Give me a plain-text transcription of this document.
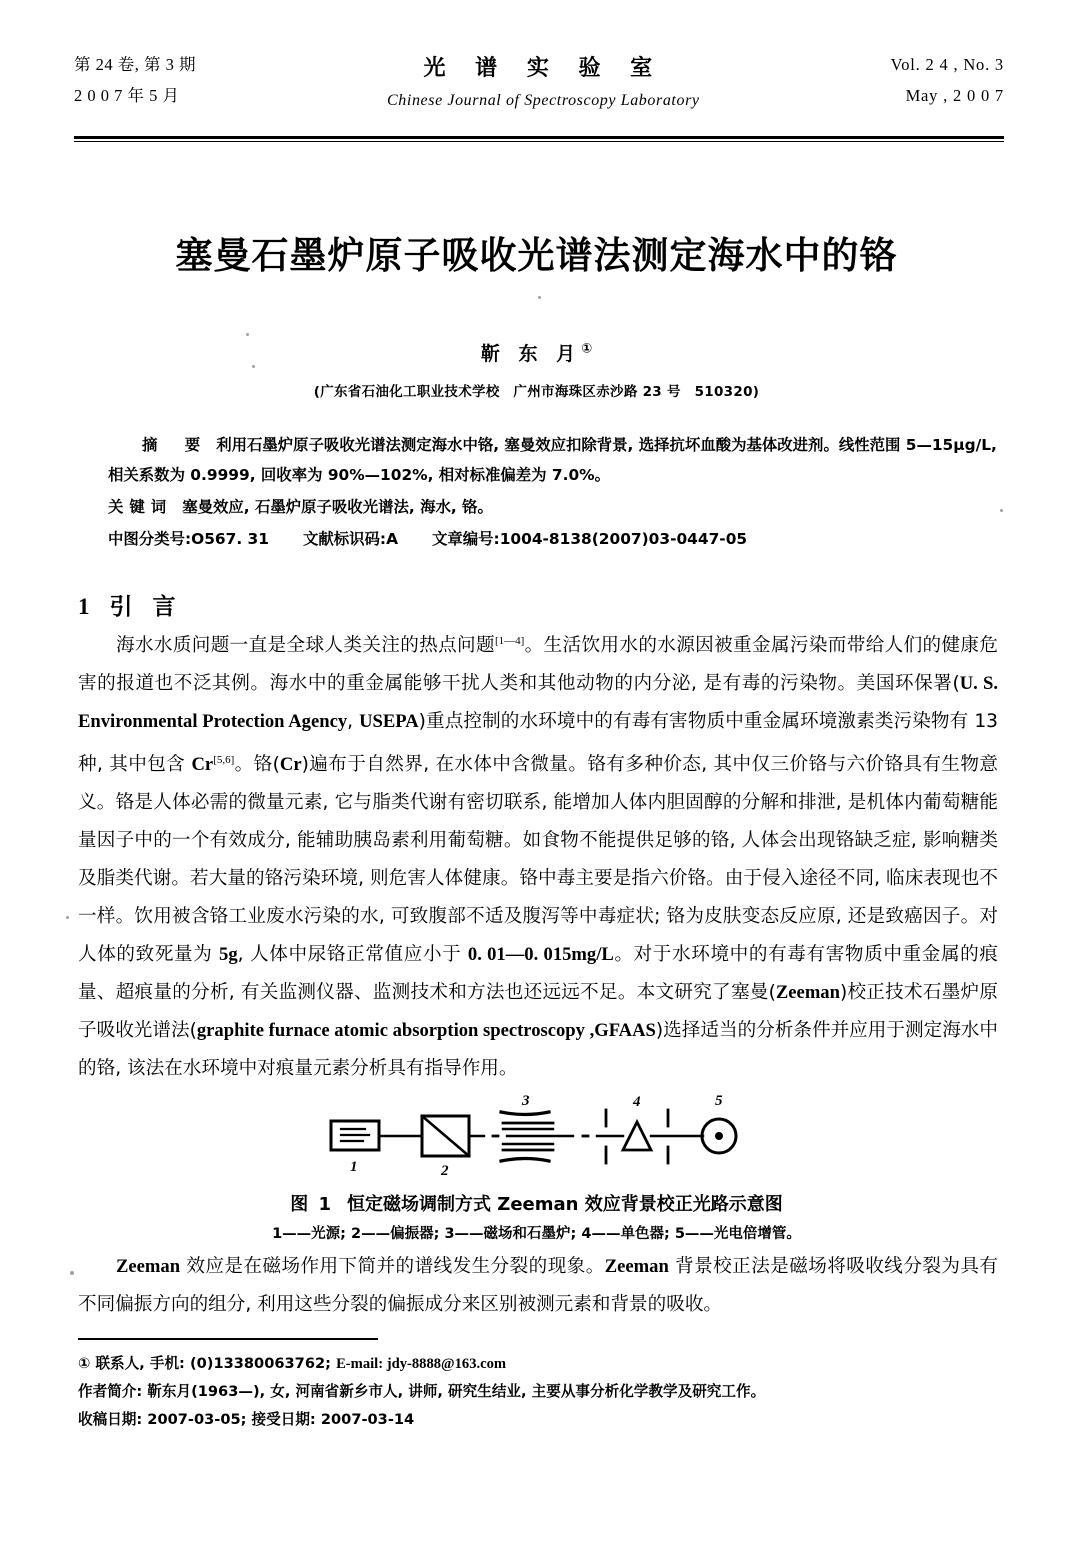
第 24 卷, 第 3 期
2 0 0 7 年 5 月
光 谱 实 验 室
Chinese Journal of Spectroscopy Laboratory
Vol. 2 4 , No. 3
May , 2 0 0 7
塞曼石墨炉原子吸收光谱法测定海水中的铬
靳 东 月①
(广东省石油化工职业技术学校　广州市海珠区赤沙路 23 号　510320)
摘　要 利用石墨炉原子吸收光谱法测定海水中铬, 塞曼效应扣除背景, 选择抗坏血酸为基体改进剂。线性范围 5—15μg/L, 相关系数为 0.9999, 回收率为 90%—102%, 相对标准偏差为 7.0%。
关键词 塞曼效应, 石墨炉原子吸收光谱法, 海水, 铬。
中图分类号:O567. 31 文献标识码:A 文章编号:1004-8138(2007)03-0447-05
1 引 言

海水水质问题一直是全球人类关注的热点问题[1—4]。生活饮用水的水源因被重金属污染而带给人们的健康危害的报道也不泛其例。海水中的重金属能够干扰人类和其他动物的内分泌, 是有毒的污染物。美国环保署(U. S. Environmental Protection Agency, USEPA)重点控制的水环境中的有毒有害物质中重金属环境激素类污染物有 13 种, 其中包含 Cr[5,6]。铬(Cr)遍布于自然界, 在水体中含微量。铬有多种价态, 其中仅三价铬与六价铬具有生物意义。铬是人体必需的微量元素, 它与脂类代谢有密切联系, 能增加人体内胆固醇的分解和排泄, 是机体内葡萄糖能量因子中的一个有效成分, 能辅助胰岛素利用葡萄糖。如食物不能提供足够的铬, 人体会出现铬缺乏症, 影响糖类及脂类代谢。若大量的铬污染环境, 则危害人体健康。铬中毒主要是指六价铬。由于侵入途径不同, 临床表现也不一样。饮用被含铬工业废水污染的水, 可致腹部不适及腹泻等中毒症状; 铬为皮肤变态反应原, 还是致癌因子。对人体的致死量为 5g, 人体中尿铬正常值应小于 0. 01—0. 015mg/L。对于水环境中的有毒有害物质中重金属的痕量、超痕量的分析, 有关监测仪器、监测技术和方法也还远远不足。本文研究了塞曼(Zeeman)校正技术石墨炉原子吸收光谱法(graphite furnace atomic absorption spectroscopy ,GFAAS)选择适当的分析条件并应用于测定海水中的铬, 该法在水环境中对痕量元素分析具有指导作用。

1	2
3	4	5
图 1 恒定磁场调制方式 Zeeman 效应背景校正光路示意图
1——光源; 2——偏振器; 3——磁场和石墨炉; 4——单色器; 5——光电倍增管。

Zeeman 效应是在磁场作用下简并的谱线发生分裂的现象。Zeeman 背景校正法是磁场将吸收线分裂为具有不同偏振方向的组分, 利用这些分裂的偏振成分来区别被测元素和背景的吸收。

① 联系人, 手机: (0)13380063762; E-mail: jdy-8888@163.com
作者简介: 靳东月(1963—), 女, 河南省新乡市人, 讲师, 研究生结业, 主要从事分析化学教学及研究工作。
收稿日期: 2007-03-05; 接受日期: 2007-03-14
